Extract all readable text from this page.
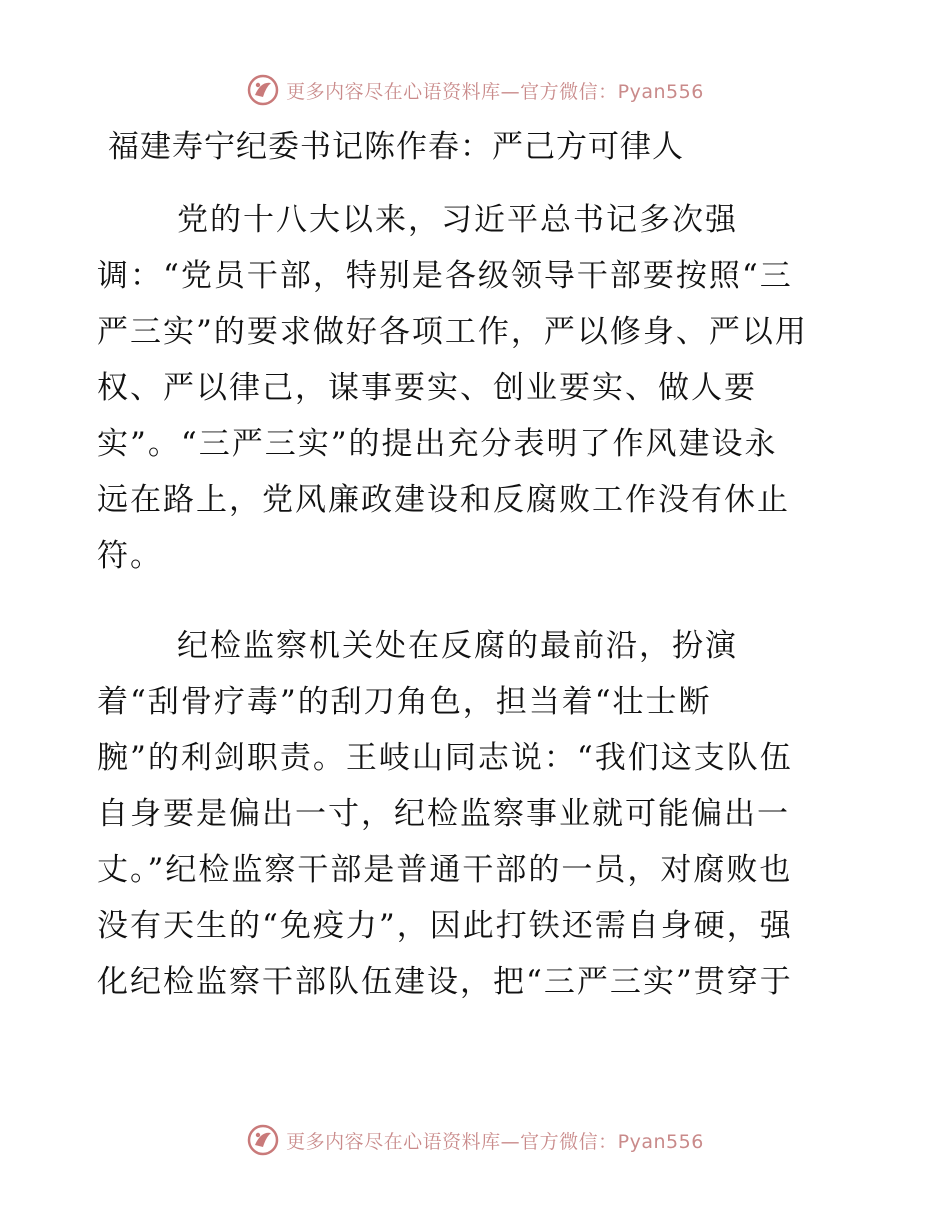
更多内容尽在心语资料库—官方微信：Pyan556
福建寿宁纪委书记陈作春：严己方可律人
党的十八大以来，习近平总书记多次强
调：“党员干部，特别是各级领导干部要按照“三
严三实”的要求做好各项工作，严以修身、严以用
权、严以律己，谋事要实、创业要实、做人要
实”。“三严三实”的提出充分表明了作风建设永
远在路上，党风廉政建设和反腐败工作没有休止
符。
纪检监察机关处在反腐的最前沿，扮演
着“刮骨疗毒”的刮刀角色，担当着“壮士断
腕”的利剑职责。王岐山同志说：“我们这支队伍
自身要是偏出一寸，纪检监察事业就可能偏出一
丈。”纪检监察干部是普通干部的一员，对腐败也
没有天生的“免疫力”，因此打铁还需自身硬，强
化纪检监察干部队伍建设，把“三严三实”贯穿于
更多内容尽在心语资料库—官方微信：Pyan556
